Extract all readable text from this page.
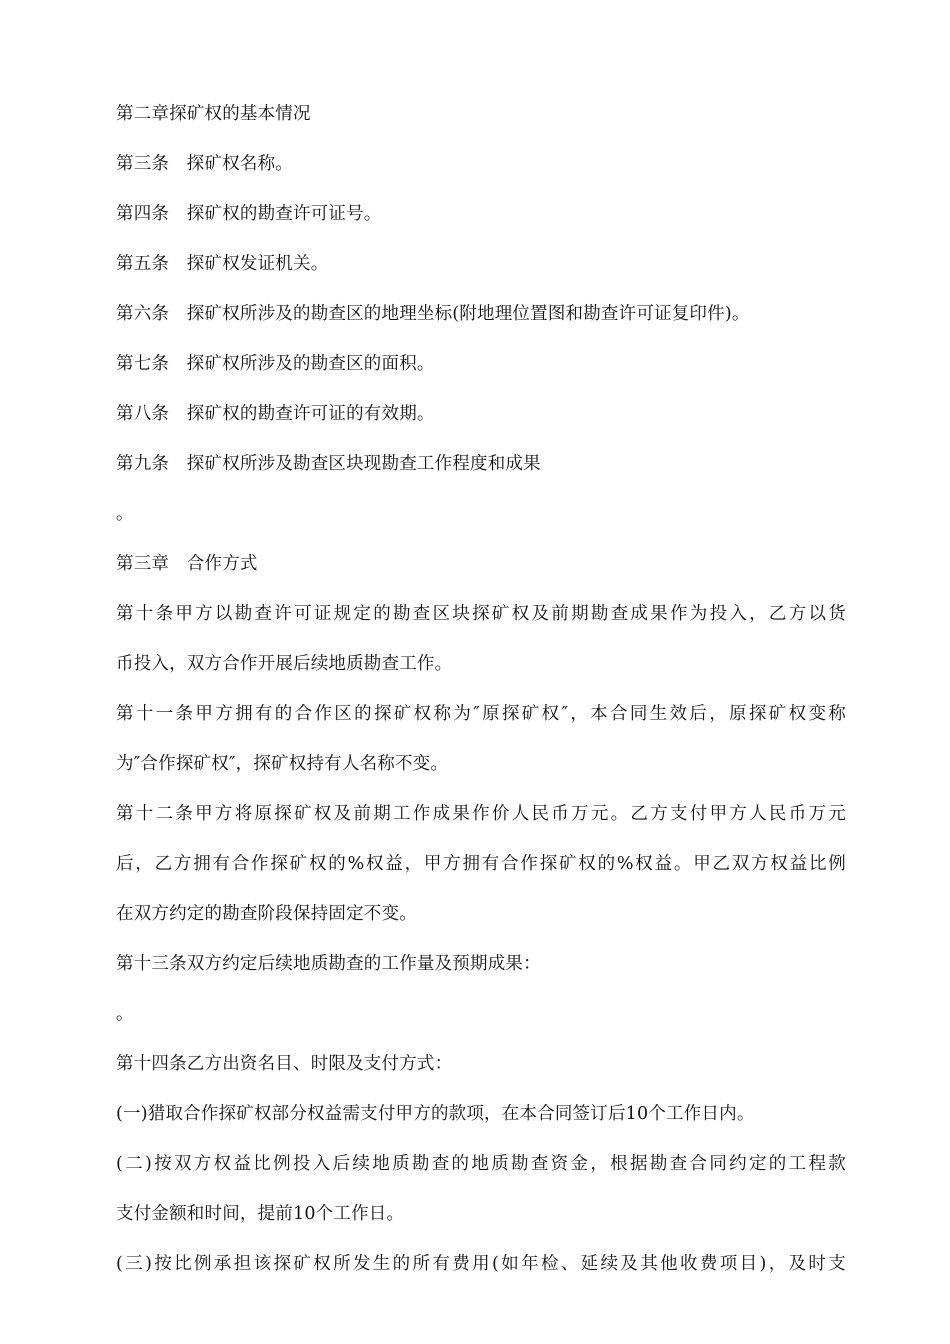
第二章探矿权的基本情况
第三条　探矿权名称。
第四条　探矿权的勘查许可证号。
第五条　探矿权发证机关。
第六条　探矿权所涉及的勘查区的地理坐标(附地理位置图和勘查许可证复印件)。
第七条　探矿权所涉及的勘查区的面积。
第八条　探矿权的勘查许可证的有效期。
第九条　探矿权所涉及勘查区块现勘查工作程度和成果
。
第三章　合作方式
第十条甲方以勘查许可证规定的勘查区块探矿权及前期勘查成果作为投入，乙方以货
币投入，双方合作开展后续地质勘查工作。
第十一条甲方拥有的合作区的探矿权称为″原探矿权″，本合同生效后，原探矿权变称
为″合作探矿权″，探矿权持有人名称不变。
第十二条甲方将原探矿权及前期工作成果作价人民币万元。乙方支付甲方人民币万元
后，乙方拥有合作探矿权的%权益，甲方拥有合作探矿权的%权益。甲乙双方权益比例
在双方约定的勘查阶段保持固定不变。
第十三条双方约定后续地质勘查的工作量及预期成果：
。
第十四条乙方出资名目、时限及支付方式：
(一)猎取合作探矿权部分权益需支付甲方的款项，在本合同签订后10个工作日内。
(二)按双方权益比例投入后续地质勘查的地质勘查资金，根据勘查合同约定的工程款
支付金额和时间，提前10个工作日。
(三)按比例承担该探矿权所发生的所有费用(如年检、延续及其他收费项目)，及时支
